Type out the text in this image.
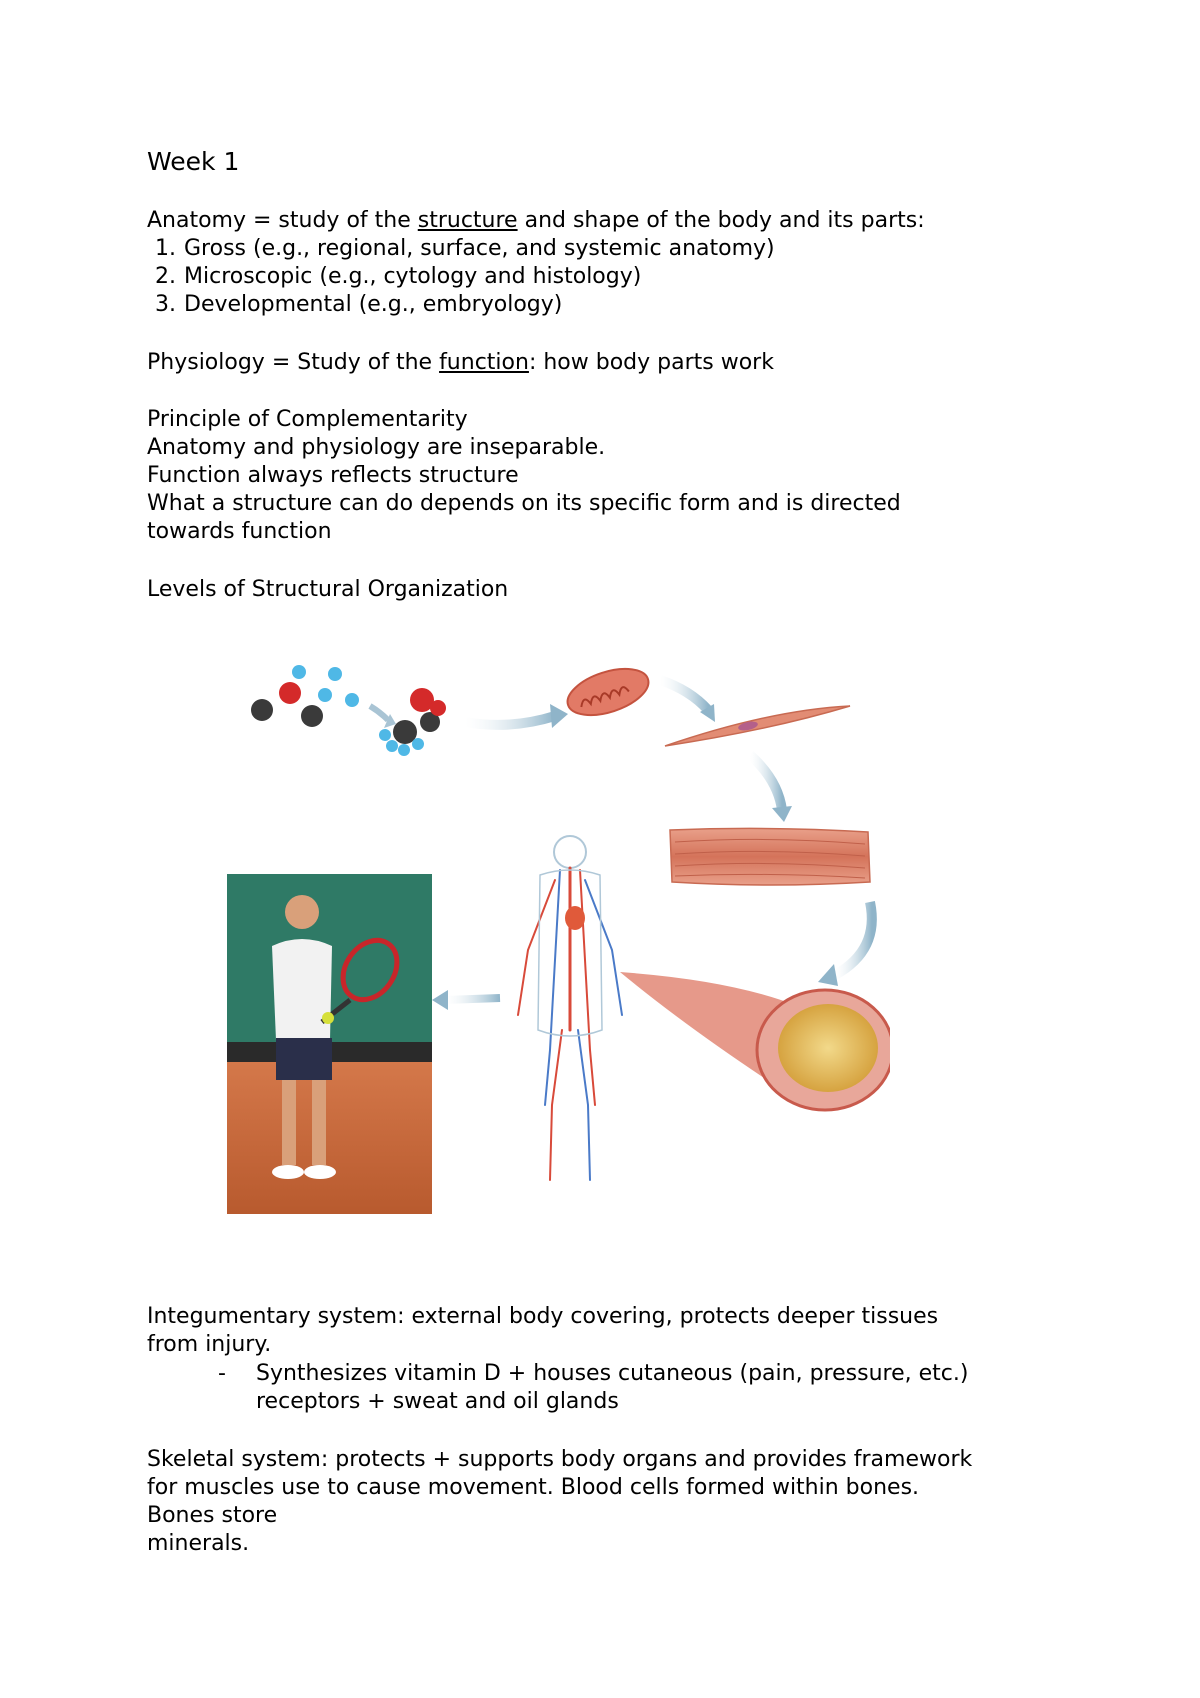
Week 1
Anatomy = study of the structure and shape of the body and its parts:
1. Gross (e.g., regional, surface, and systemic anatomy)
2. Microscopic (e.g., cytology and histology)
3. Developmental (e.g., embryology)
Physiology = Study of the function: how body parts work
Principle of Complementarity
Anatomy and physiology are inseparable.
Function always reflects structure
What a structure can do depends on its specific form and is directed
towards function
Levels of Structural Organization
Integumentary system: external body covering, protects deeper tissues
from injury.
- Synthesizes vitamin D + houses cutaneous (pain, pressure, etc.)
receptors + sweat and oil glands
Skeletal system: protects + supports body organs and provides framework
for muscles use to cause movement. Blood cells formed within bones.
Bones store
minerals.
